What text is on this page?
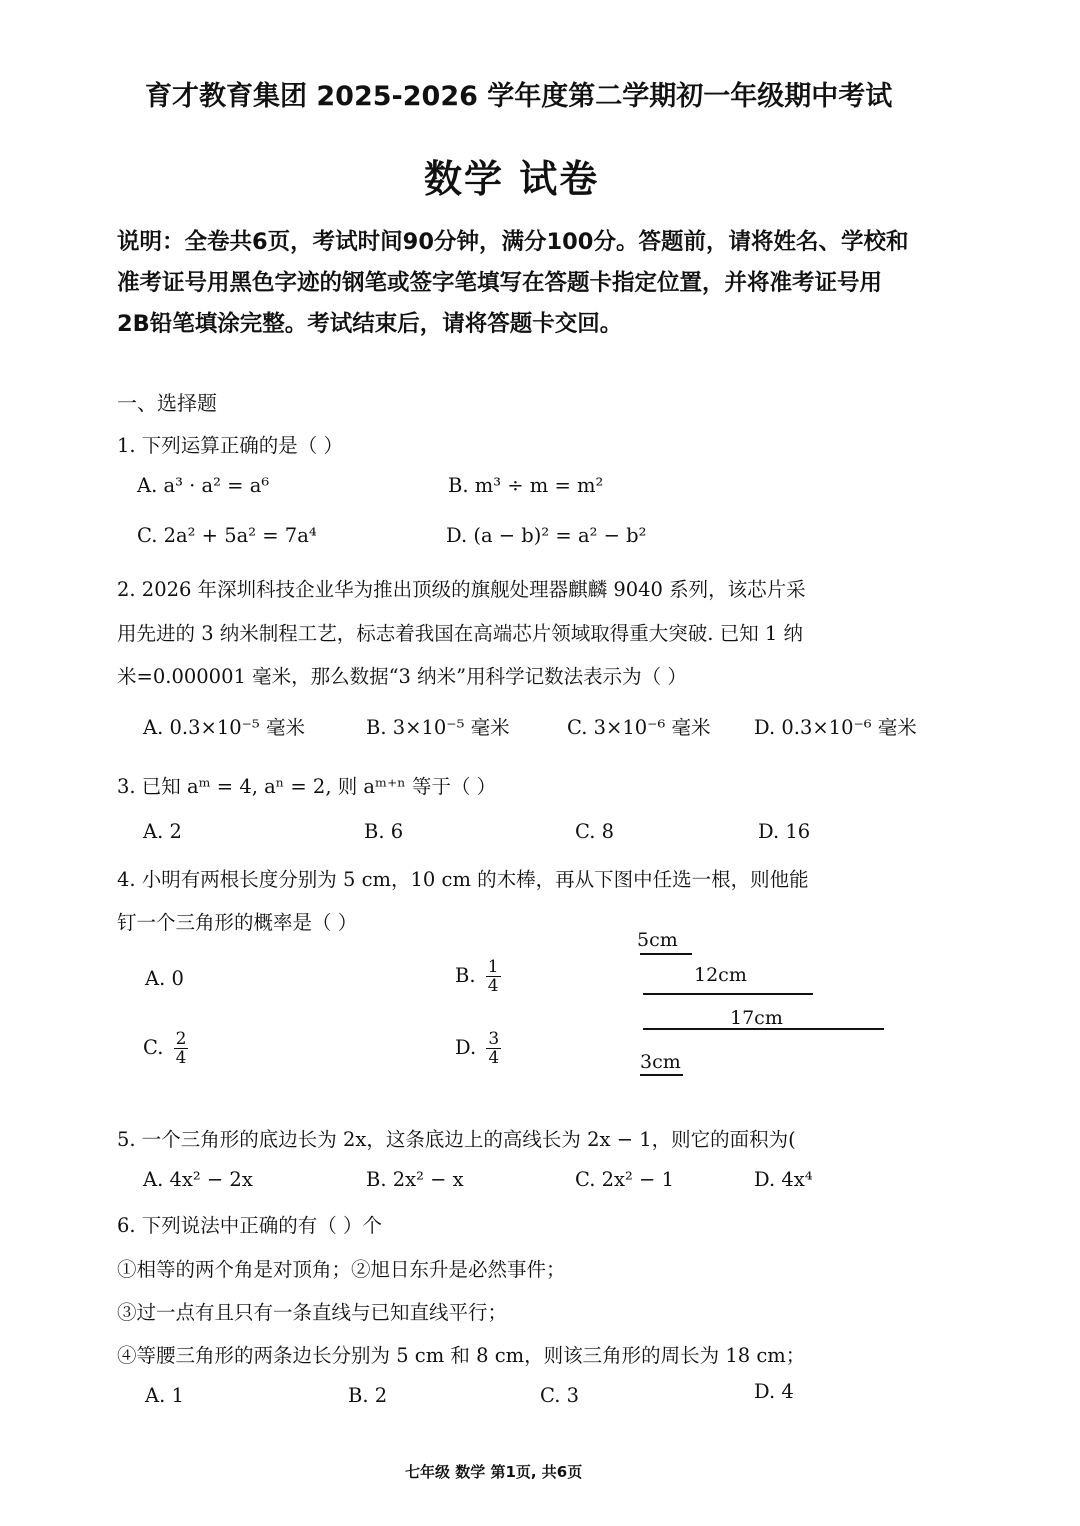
育才教育集团 2025-2026 学年度第二学期初一年级期中考试
数学 试卷
说明：全卷共6页，考试时间90分钟，满分100分。答题前，请将姓名、学校和
准考证号用黑色字迹的钢笔或签字笔填写在答题卡指定位置，并将准考证号用
2B铅笔填涂完整。考试结束后，请将答题卡交回。
一、选择题
1. 下列运算正确的是（ ）
A. a³ · a² = a⁶	B. m³ ÷ m = m²
C. 2a² + 5a² = 7a⁴	D. (a − b)² = a² − b²
2. 2026 年深圳科技企业华为推出顶级的旗舰处理器麒麟 9040 系列，该芯片采
用先进的 3 纳米制程工艺，标志着我国在高端芯片领域取得重大突破. 已知 1 纳
米=0.000001 毫米，那么数据“3 纳米”用科学记数法表示为（ ）
A. 0.3×10⁻⁵ 毫米	B. 3×10⁻⁵ 毫米	C. 3×10⁻⁶ 毫米 D. 0.3×10⁻⁶ 毫米
3. 已知 aᵐ = 4, aⁿ = 2, 则 aᵐ⁺ⁿ 等于（ ）
A. 2	B. 6	C. 8	D. 16
4. 小明有两根长度分别为 5 cm，10 cm 的木棒，再从下图中任选一根，则他能
钉一个三角形的概率是（ ）
A. 0	B. $\frac{1}{4}$
C. $\frac{2}{4}$	D. $\frac{3}{4}$
5cm
12cm
17cm
3cm
5. 一个三角形的底边长为 2x，这条底边上的高线长为 2x − 1，则它的面积为(
A. 4x² − 2x	B. 2x² − x	C. 2x² − 1	D. 4x⁴
6. 下列说法中正确的有（ ）个
①相等的两个角是对顶角；②旭日东升是必然事件；
③过一点有且只有一条直线与已知直线平行；
④等腰三角形的两条边长分别为 5 cm 和 8 cm，则该三角形的周长为 18 cm；
A. 1	B. 2	C. 3	D. 4
七年级 数学 第1页, 共6页
